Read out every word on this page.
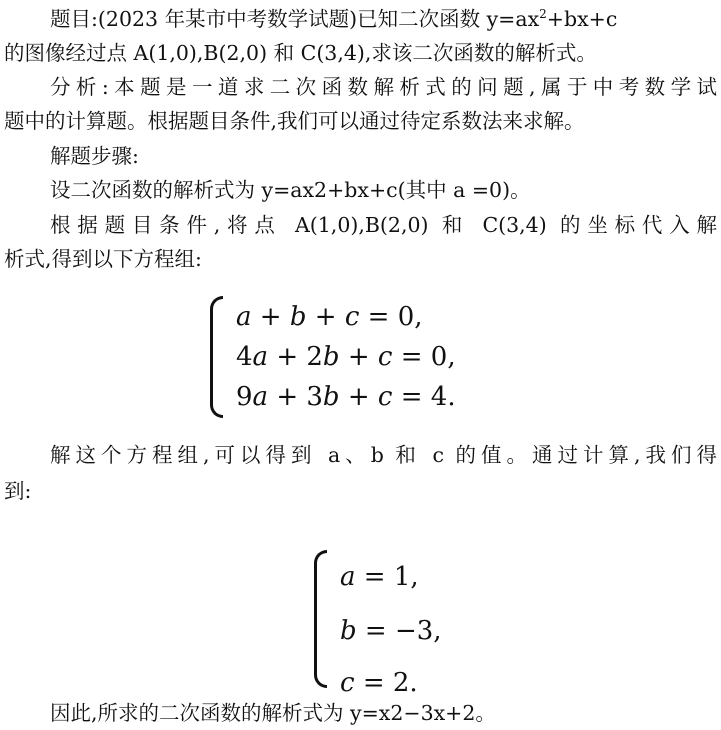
题目:(2023 年某市中考数学试题)已知二次函数 $y=ax^2+bx+c$
的图像经过点 A(1,0),B(2,0) 和 C(3,4),求该二次函数的解析式。
分析:本题是一道求二次函数解析式的问题,属于中考数学试
题中的计算题。根据题目条件,我们可以通过待定系数法来求解。
解题步骤:
设二次函数的解析式为 y=ax2+bx+c(其中 a =0)。
根据题目条件,将点 A(1,0),B(2,0) 和 C(3,4) 的坐标代入解
析式,得到以下方程组:
a + b + c = 0,
4a + 2b + c = 0,
9a + 3b + c = 4.
解这个方程组,可以得到 a、b 和 c 的值。通过计算,我们得
到:
a = 1,
b = −3,
c = 2.
因此,所求的二次函数的解析式为 y=x2−3x+2。
